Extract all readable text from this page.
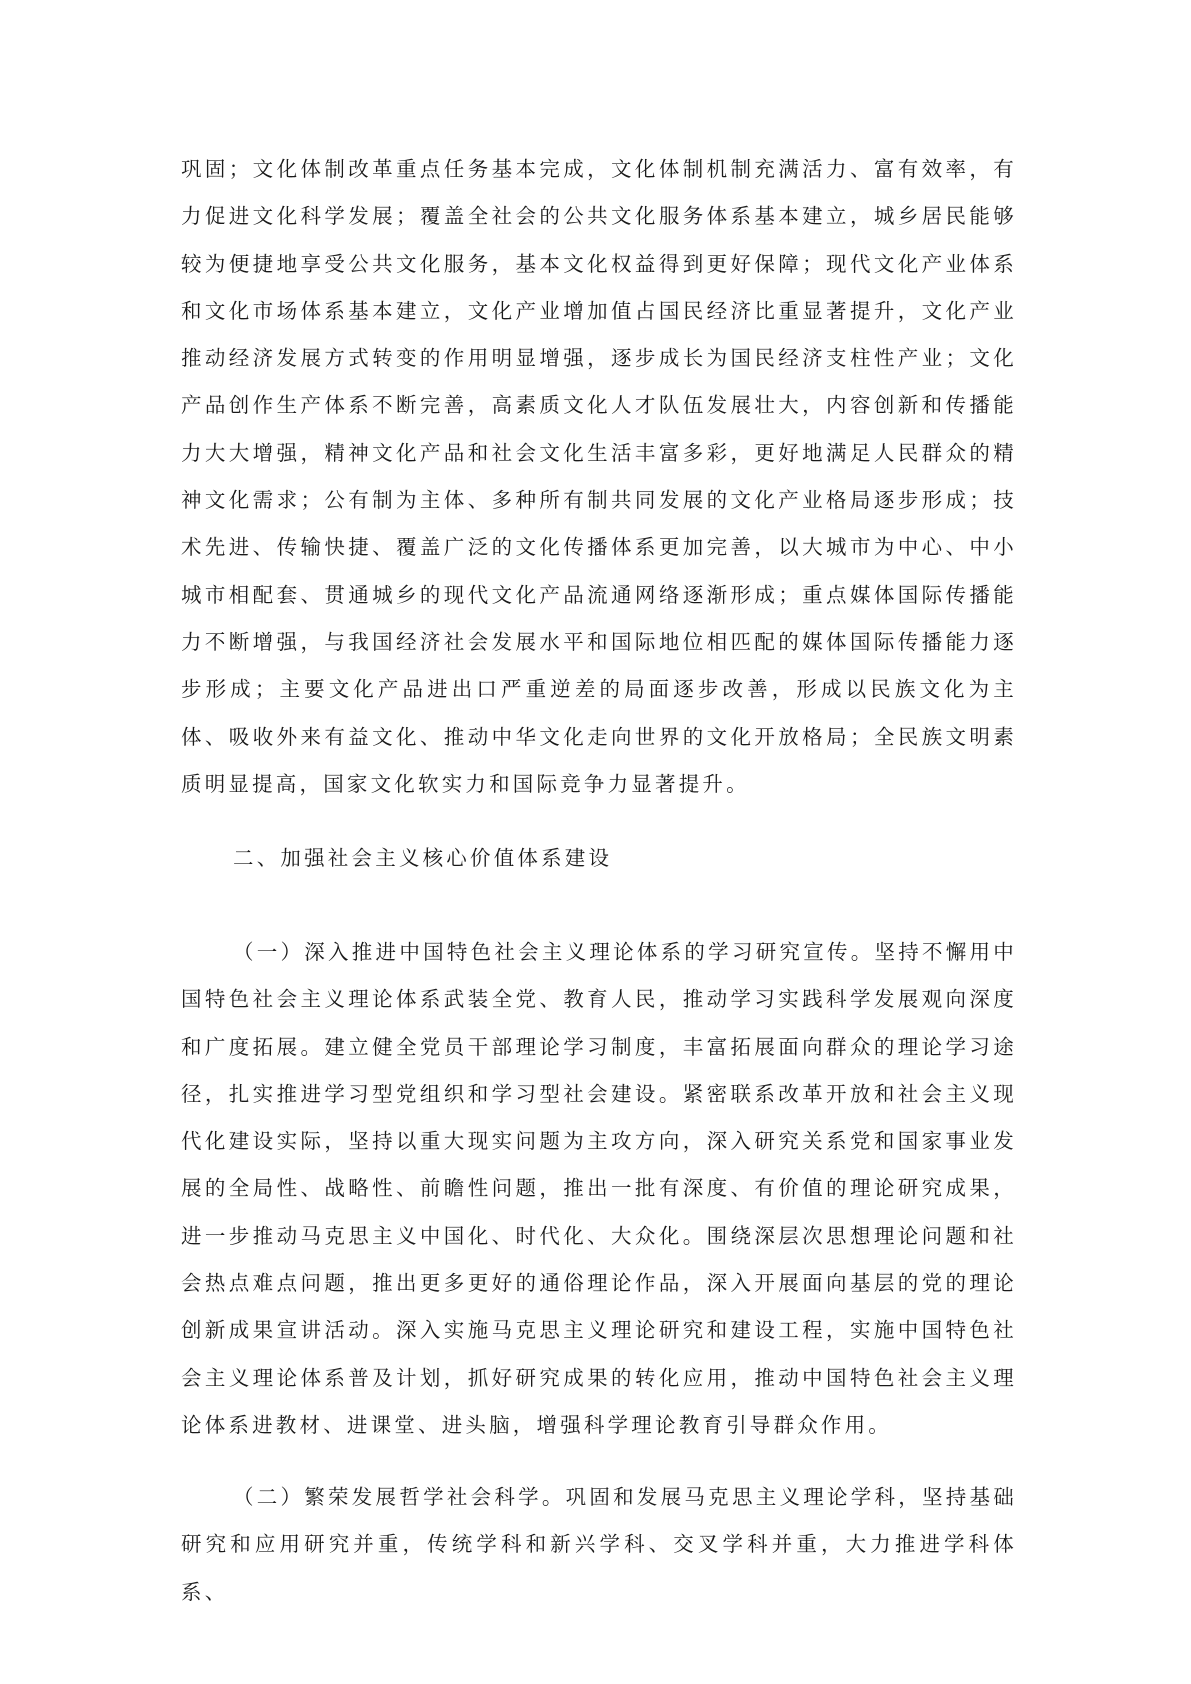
巩固；文化体制改革重点任务基本完成，文化体制机制充满活力、富有效率，有力促进文化科学发展；覆盖全社会的公共文化服务体系基本建立，城乡居民能够较为便捷地享受公共文化服务，基本文化权益得到更好保障；现代文化产业体系和文化市场体系基本建立，文化产业增加值占国民经济比重显著提升，文化产业推动经济发展方式转变的作用明显增强，逐步成长为国民经济支柱性产业；文化产品创作生产体系不断完善，高素质文化人才队伍发展壮大，内容创新和传播能力大大增强，精神文化产品和社会文化生活丰富多彩，更好地满足人民群众的精神文化需求；公有制为主体、多种所有制共同发展的文化产业格局逐步形成；技术先进、传输快捷、覆盖广泛的文化传播体系更加完善，以大城市为中心、中小城市相配套、贯通城乡的现代文化产品流通网络逐渐形成；重点媒体国际传播能力不断增强，与我国经济社会发展水平和国际地位相匹配的媒体国际传播能力逐步形成；主要文化产品进出口严重逆差的局面逐步改善，形成以民族文化为主体、吸收外来有益文化、推动中华文化走向世界的文化开放格局；全民族文明素质明显提高，国家文化软实力和国际竞争力显著提升。

二、加强社会主义核心价值体系建设

（一）深入推进中国特色社会主义理论体系的学习研究宣传。坚持不懈用中国特色社会主义理论体系武装全党、教育人民，推动学习实践科学发展观向深度和广度拓展。建立健全党员干部理论学习制度，丰富拓展面向群众的理论学习途径，扎实推进学习型党组织和学习型社会建设。紧密联系改革开放和社会主义现代化建设实际，坚持以重大现实问题为主攻方向，深入研究关系党和国家事业发展的全局性、战略性、前瞻性问题，推出一批有深度、有价值的理论研究成果，进一步推动马克思主义中国化、时代化、大众化。围绕深层次思想理论问题和社会热点难点问题，推出更多更好的通俗理论作品，深入开展面向基层的党的理论创新成果宣讲活动。深入实施马克思主义理论研究和建设工程，实施中国特色社会主义理论体系普及计划，抓好研究成果的转化应用，推动中国特色社会主义理论体系进教材、进课堂、进头脑，增强科学理论教育引导群众作用。

（二）繁荣发展哲学社会科学。巩固和发展马克思主义理论学科，坚持基础研究和应用研究并重，传统学科和新兴学科、交叉学科并重，大力推进学科体系、
